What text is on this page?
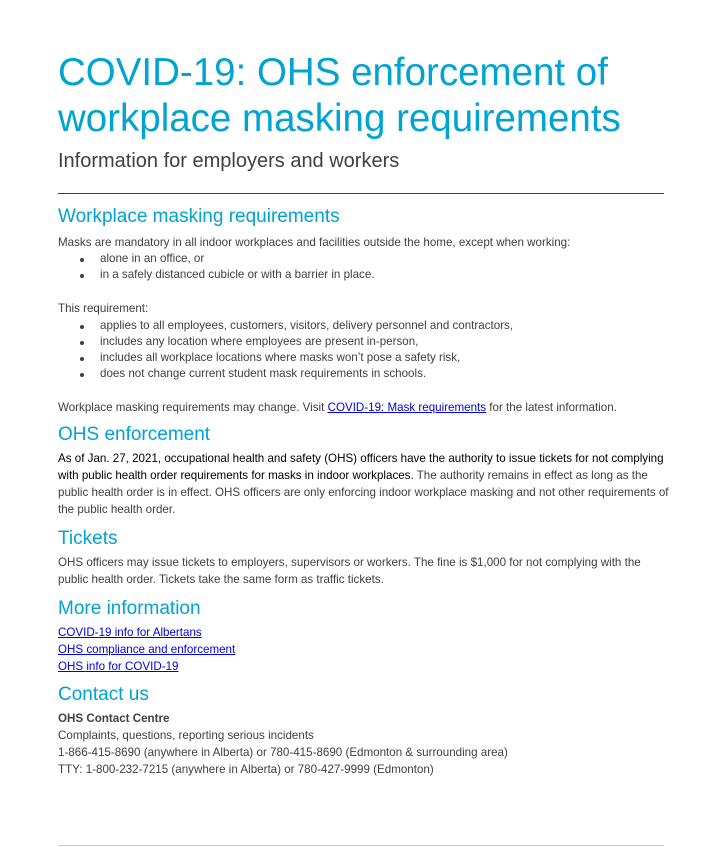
COVID-19: OHS enforcement of workplace masking requirements
Information for employers and workers
Workplace masking requirements

Masks are mandatory in all indoor workplaces and facilities outside the home, except when working:

alone in an office, or
in a safely distanced cubicle or with a barrier in place.

This requirement:

applies to all employees, customers, visitors, delivery personnel and contractors,
includes any location where employees are present in-person,
includes all workplace locations where masks won’t pose a safety risk,
does not change current student mask requirements in schools.

Workplace masking requirements may change. Visit COVID-19: Mask requirements for the latest information.

OHS enforcement

As of Jan. 27, 2021, occupational health and safety (OHS) officers have the authority to issue tickets for not complying with public health order requirements for masks in indoor workplaces. The authority remains in effect as long as the public health order is in effect. OHS officers are only enforcing indoor workplace masking and not other requirements of the public health order.

Tickets

OHS officers may issue tickets to employers, supervisors or workers. The fine is $1,000 for not complying with the public health order. Tickets take the same form as traffic tickets.

More information
COVID-19 info for Albertans
OHS compliance and enforcement
OHS info for COVID-19
Contact us

OHS Contact Centre

Complaints, questions, reporting serious incidents

1-866-415-8690 (anywhere in Alberta) or 780-415-8690 (Edmonton & surrounding area)

TTY: 1-800-232-7215 (anywhere in Alberta) or 780-427-9999 (Edmonton)
